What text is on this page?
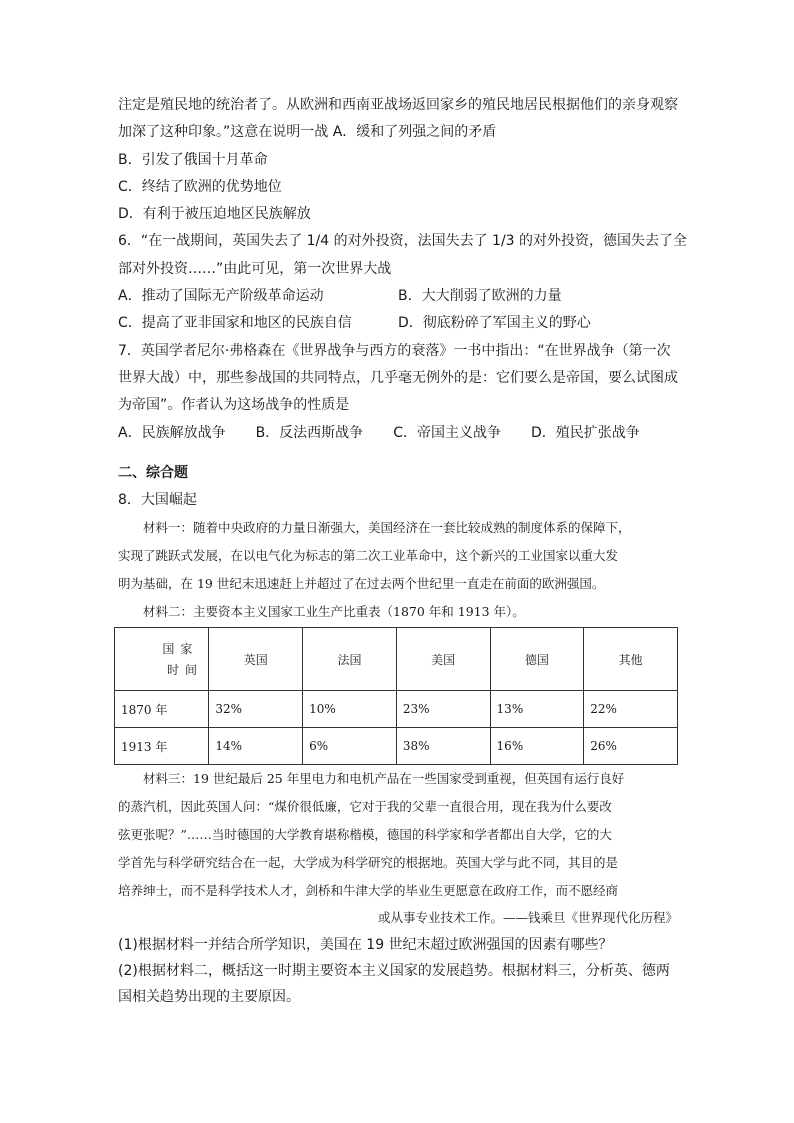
注定是殖民地的统治者了。从欧洲和西南亚战场返回家乡的殖民地居民根据他们的亲身观察
加深了这种印象。”这意在说明一战 A．缓和了列强之间的矛盾
B．引发了俄国十月革命
C．终结了欧洲的优势地位
D．有利于被压迫地区民族解放
6．“在一战期间，英国失去了 1/4 的对外投资，法国失去了 1/3 的对外投资，德国失去了全
部对外投资……”由此可见，第一次世界大战
A．推动了国际无产阶级革命运动	B．大大削弱了欧洲的力量
C．提高了亚非国家和地区的民族自信	D．彻底粉碎了军国主义的野心
7．英国学者尼尔·弗格森在《世界战争与西方的衰落》一书中指出：“在世界战争（第一次
世界大战）中，那些参战国的共同特点，几乎毫无例外的是：它们要么是帝国，要么试图成
为帝国”。作者认为这场战争的性质是
A．民族解放战争 B．反法西斯战争 C．帝国主义战争 D．殖民扩张战争
二、综合题
8．大国崛起
材料一：随着中央政府的力量日渐强大，美国经济在一套比较成熟的制度体系的保障下，
实现了跳跃式发展，在以电气化为标志的第二次工业革命中，这个新兴的工业国家以重大发
明为基础，在 19 世纪末迅速赶上并超过了在过去两个世纪里一直走在前面的欧洲强国。
材料二：主要资本主义国家工业生产比重表（1870 年和 1913 年）。
国家
时间	英国	法国	美国	德国	其他
1870 年	32%	10%	23%	13%	22%
1913 年	14%	6%	38%	16%	26%
材料三：19 世纪最后 25 年里电力和电机产品在一些国家受到重视，但英国有运行良好
的蒸汽机，因此英国人问：“煤价很低廉，它对于我的父辈一直很合用，现在我为什么要改
弦更张呢？”……当时德国的大学教育堪称楷模，德国的科学家和学者都出自大学，它的大
学首先与科学研究结合在一起，大学成为科学研究的根据地。英国大学与此不同，其目的是
培养绅士，而不是科学技术人才，剑桥和牛津大学的毕业生更愿意在政府工作，而不愿经商
或从事专业技术工作。——钱乘旦《世界现代化历程》
(1)根据材料一并结合所学知识，美国在 19 世纪末超过欧洲强国的因素有哪些？
(2)根据材料二，概括这一时期主要资本主义国家的发展趋势。根据材料三，分析英、德两
国相关趋势出现的主要原因。
